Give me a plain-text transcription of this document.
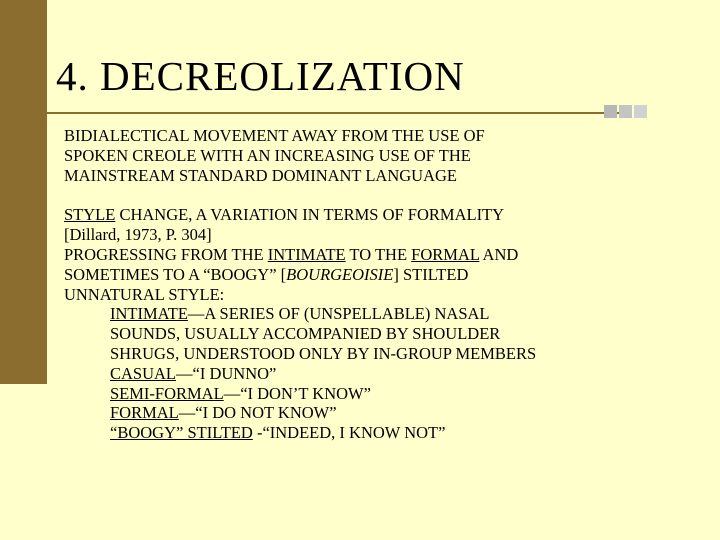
4. DECREOLIZATION
BIDIALECTICAL MOVEMENT AWAY FROM THE USE OF
SPOKEN CREOLE WITH AN INCREASING USE OF THE
MAINSTREAM STANDARD DOMINANT LANGUAGE
STYLE CHANGE, A VARIATION IN TERMS OF FORMALITY
[Dillard, 1973, P. 304]
PROGRESSING FROM THE INTIMATE TO THE FORMAL AND
SOMETIMES TO A “BOOGY” [BOURGEOISIE] STILTED
UNNATURAL STYLE:
INTIMATE—A SERIES OF (UNSPELLABLE) NASAL
SOUNDS, USUALLY ACCOMPANIED BY SHOULDER
SHRUGS, UNDERSTOOD ONLY BY IN-GROUP MEMBERS
CASUAL—“I DUNNO”
SEMI-FORMAL—“I DON’T KNOW”
FORMAL—“I DO NOT KNOW”
“BOOGY” STILTED -“INDEED, I KNOW NOT”
